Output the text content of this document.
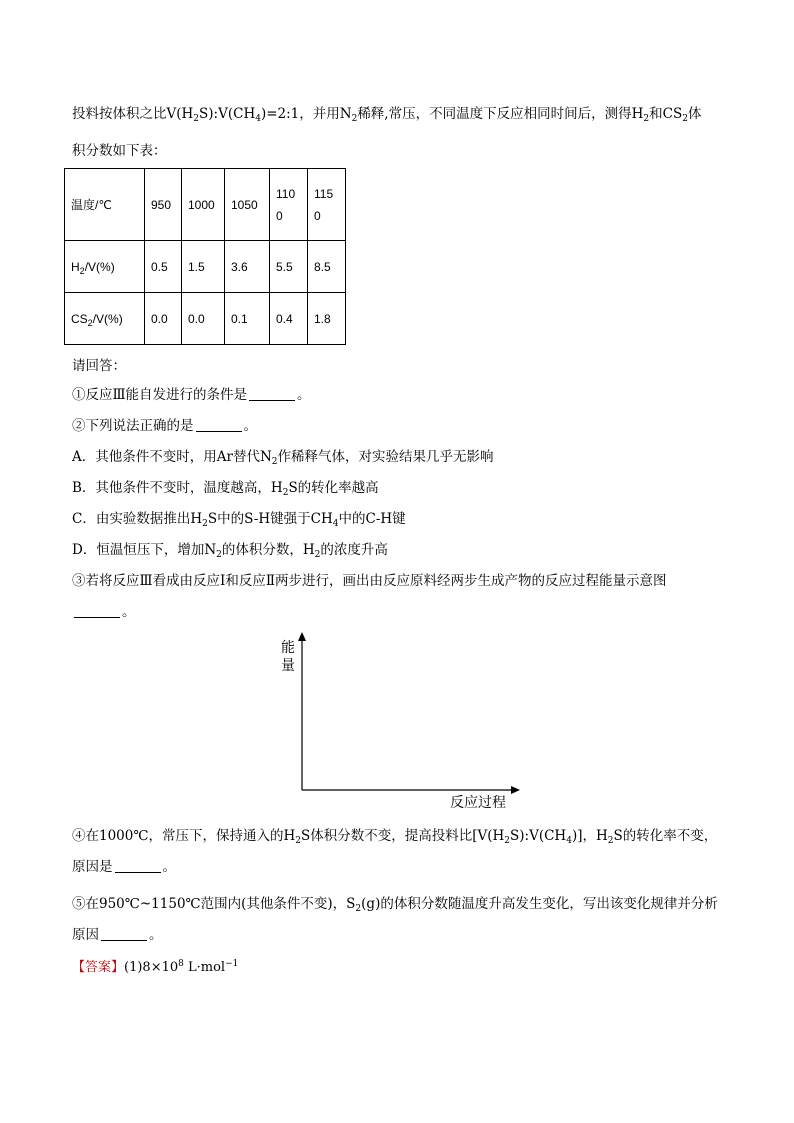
投料按体积之比$V(H_2S):V(CH_4)=2:1$，并用$N_2$稀释,常压，不同温度下反应相同时间后，测得$H_2$和$CS_2$体
积分数如下表：
温度/℃	950	1000	1050	1100	1150

$H_2/V(\%)$	0.5	1.5	3.6	5.5	8.5
$CS_2/V(\%)$	0.0	0.0	0.1	0.4	1.8
请回答：
①反应Ⅲ能自发进行的条件是	。
②下列说法正确的是	。
A．其他条件不变时，用Ar替代$N_2$作稀释气体，对实验结果几乎无影响
B．其他条件不变时，温度越高，$H_2S$的转化率越高
C．由实验数据推出$H_2S$中的S-H键强于$CH_4$中的C-H键
D．恒温恒压下，增加$N_2$的体积分数，$H_2$的浓度升高
③若将反应Ⅲ看成由反应Ⅰ和反应Ⅱ两步进行，画出由反应原料经两步生成产物的反应过程能量示意图
。
能
量
反应过程
④在1000℃，常压下，保持通入的$H_2S$体积分数不变，提高投料比$[V(H_2S):V(CH_4)]$，$H_2S$的转化率不变，
原因是	。
⑤在950℃~1150℃范围内(其他条件不变)，$S_2(g)$的体积分数随温度升高发生变化，写出该变化规律并分析
原因	。
【答案】$(1)8\times 10^8$ L·mol$^{-1}$
